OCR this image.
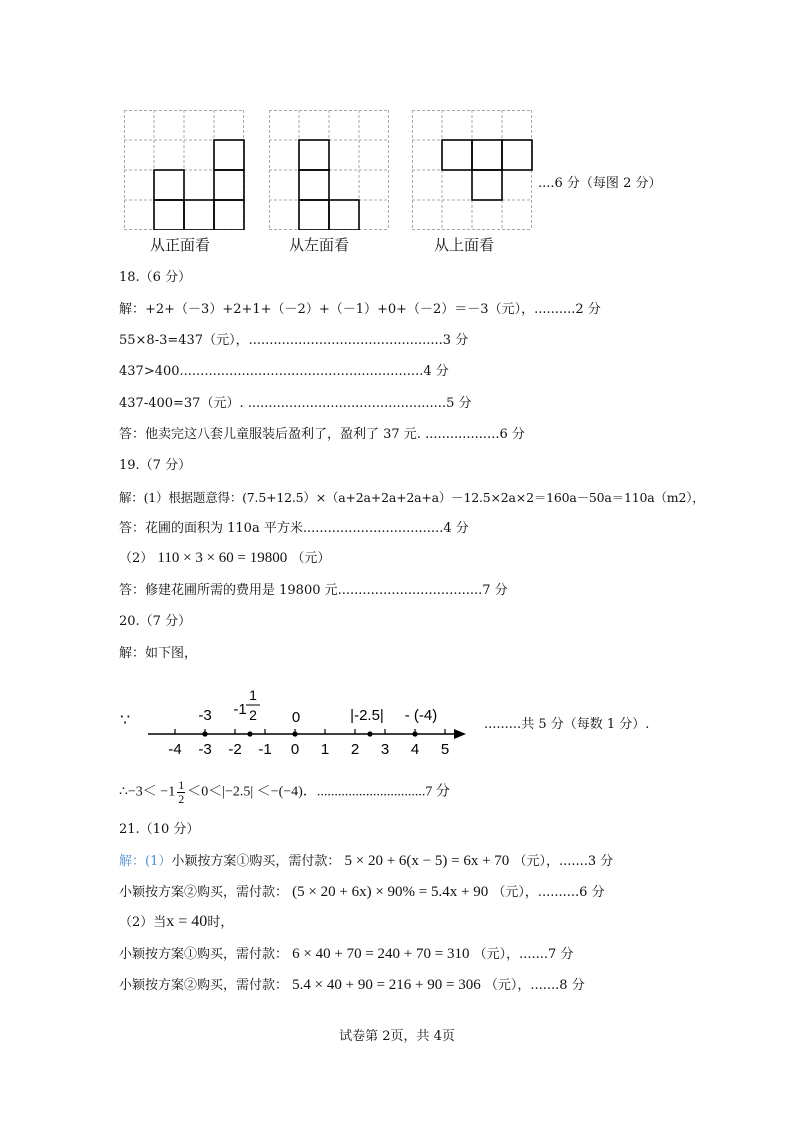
....6 分（每图 2 分）
从正面看	从左面看	从上面看
18.（6 分）
解：+2+（－3）+2+1+（－2）+（－1）+0+（－2）＝－3（元），..........2 分
55×8-3=437（元），...............................................3 分
437>400...........................................................4 分
437-400=37（元）. ................................................5 分
答：他卖完这八套儿童服装后盈利了，盈利了 37 元. ..................6 分
19.（7 分）
解：(1）根据题意得：(7.5+12.5）×（a+2a+2a+2a+a）－12.5×2a×2＝160a－50a＝110a（m2），
答：花圃的面积为 110a 平方米..................................4 分
（2） 110 × 3 × 60 = 19800 （元）
答：修建花圃所需的费用是 19800 元...................................7 分
20.（7 分）
解：如下图，
∵
-4 -3 -2 -1 0 1 2 3 4 5
-3 -1
1
2 0	|-2.5| - (-4)
.........共 5 分（每数 1 分）.
∴−3＜ $-1 \frac{1}{2} <0<|-2.5| <-(-4)$．...............................7 分
21.（10 分）
解：(1）小颖按方案①购买，需付款： 5 × 20 + 6(x − 5) = 6x + 70 （元），.......3 分
小颖按方案②购买，需付款： (5 × 20 + 6x) × 90% = 5.4x + 90 （元），..........6 分
（2）当x = 40时，
小颖按方案①购买，需付款： 6 × 40 + 70 = 240 + 70 = 310 （元），.......7 分
小颖按方案②购买，需付款： 5.4 × 40 + 90 = 216 + 90 = 306 （元），.......8 分
试卷第 2页，共 4页
